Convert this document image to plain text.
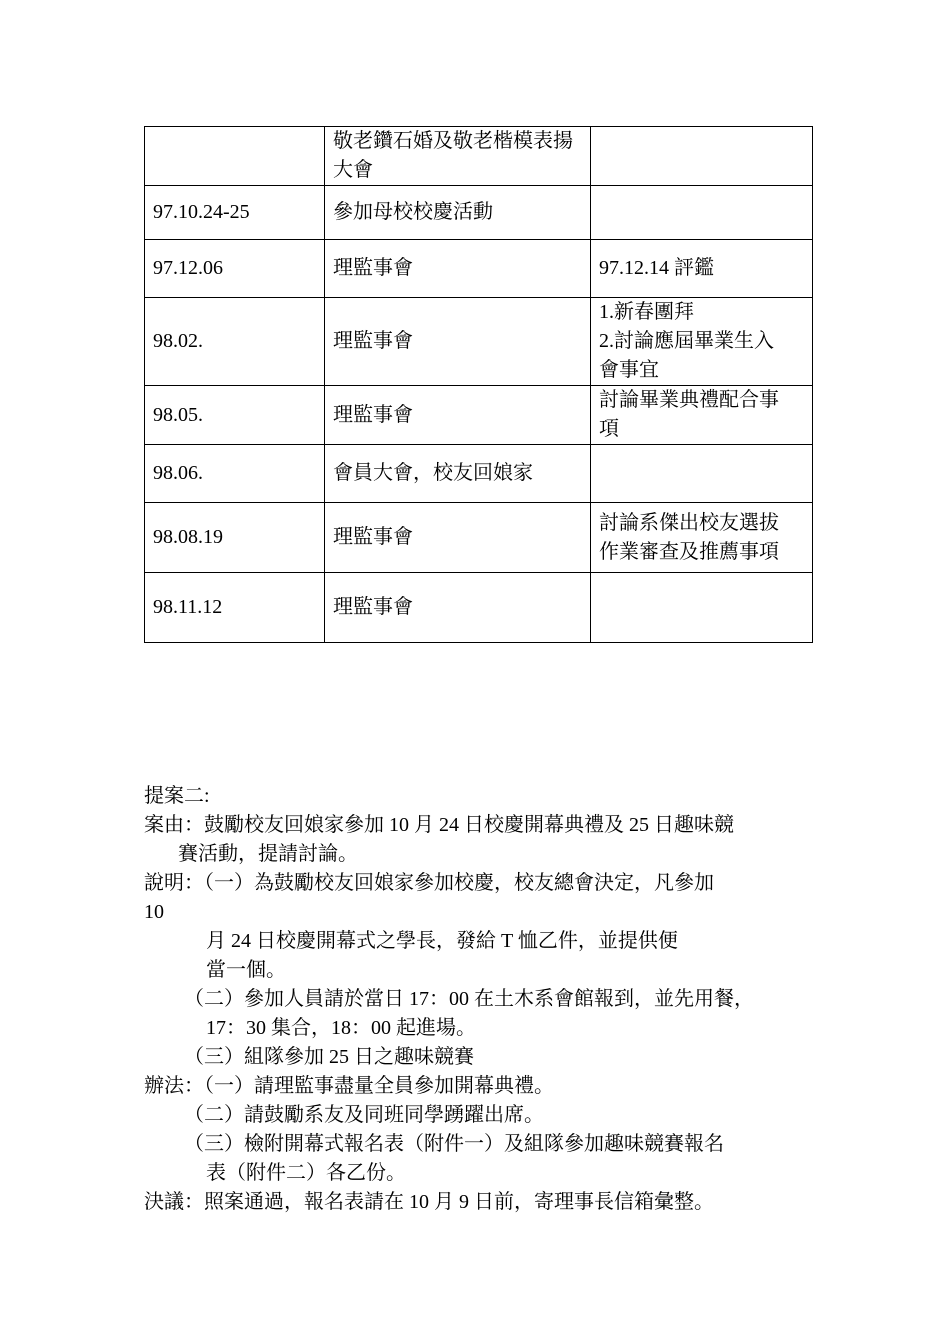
	敬老鑽石婚及敬老楷模表揚
大會	
97.10.24-25	參加母校校慶活動	
97.12.06	理監事會	97.12.14 評鑑
98.02.	理監事會	1.新春團拜
2.討論應屆畢業生入
會事宜
98.05.	理監事會	討論畢業典禮配合事
項
98.06.	會員大會，校友回娘家	
98.08.19	理監事會	討論系傑出校友選拔
作業審查及推薦事項
98.11.12	理監事會	
提案二:
案由：鼓勵校友回娘家參加 10 月 24 日校慶開幕典禮及 25 日趣味競
賽活動，提請討論。
說明：（一）為鼓勵校友回娘家參加校慶，校友總會決定，凡參加
10
月 24 日校慶開幕式之學長，發給 T 恤乙件，並提供便
當一個。
（二）參加人員請於當日 17：00 在土木系會館報到，並先用餐，
17：30 集合，18：00 起進場。
（三）組隊參加 25 日之趣味競賽
辦法：（一）請理監事盡量全員參加開幕典禮。
（二）請鼓勵系友及同班同學踴躍出席。
（三）檢附開幕式報名表（附件一）及組隊參加趣味競賽報名
表（附件二）各乙份。
決議：照案通過，報名表請在 10 月 9 日前，寄理事長信箱彙整。
